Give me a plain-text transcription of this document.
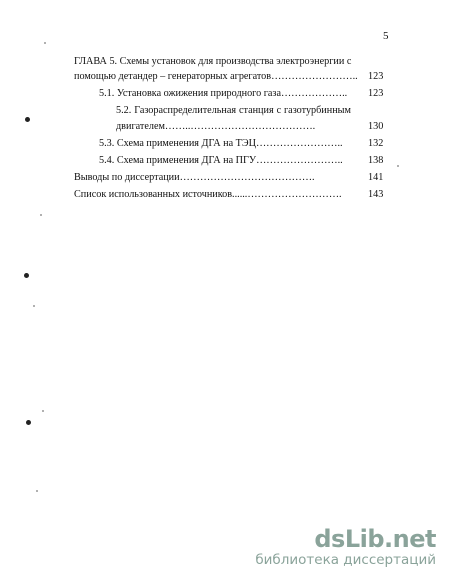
5
ГЛАВА 5. Схемы установок для производства электроэнергии с
помощью детандер – генераторных агрегатов…………………….. 123
5.1. Установка ожижения природного газа……………….. 123
5.2. Газораспределительная станция с газотурбинным
двигателем……..……………………………….	130
5.3. Схема применения ДГА на ТЭЦ…………………….. 132
5.4. Схема применения ДГА на ПГУ…………………….. 138
Выводы по диссертации………………………………….	141
Список использованных источников......……………………….	143
dsLib.net
библиотека диссертаций
